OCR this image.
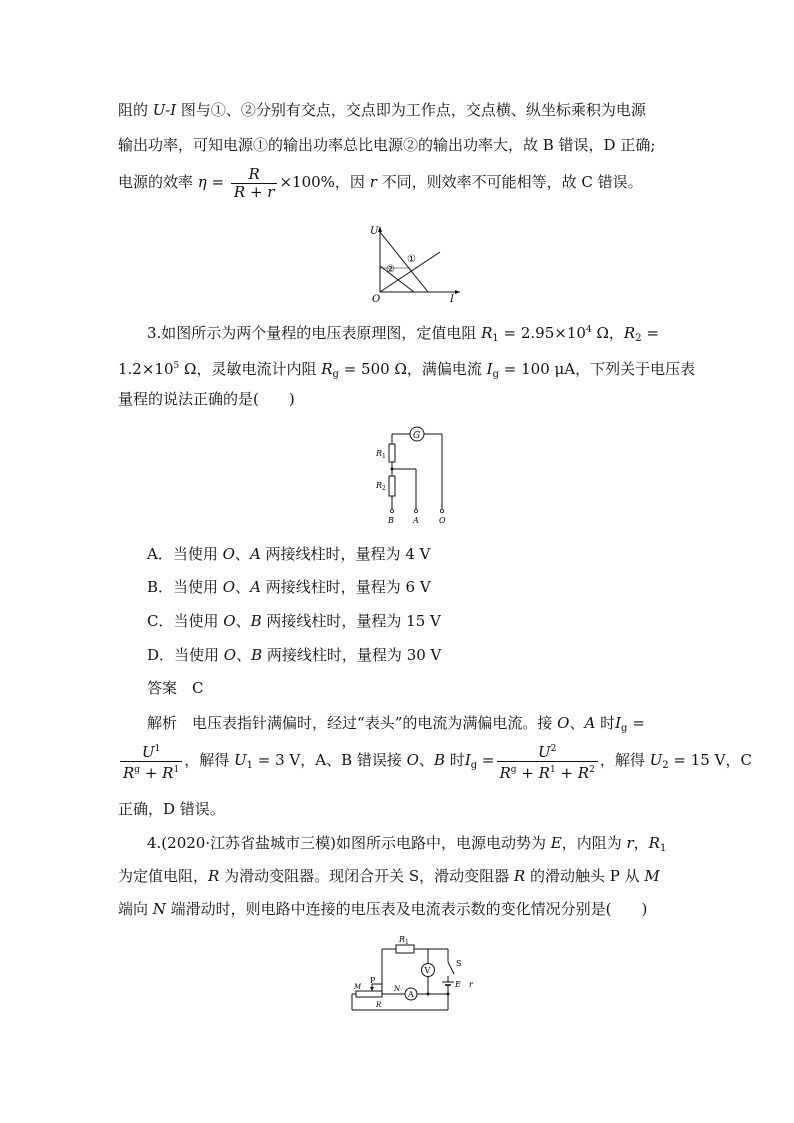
阻的 U-I 图与①、②分别有交点，交点即为工作点，交点横、纵坐标乘积为电源
输出功率，可知电源①的输出功率总比电源②的输出功率大，故 B 错误，D 正确;
电源的效率 $\eta = \frac{R}{R + r} \times 100\%$，因 r 不同，则效率不可能相等，故 C 错误。
U
I
O
①
②
3.如图所示为两个量程的电压表原理图，定值电阻 $R_1 = 2.95\times 10^4$ Ω，$R_2$ =
$1.2\times 10^5$ Ω，灵敏电流计内阻 $R_g = 500$ Ω，满偏电流 $I_g = 100$ μA，下列关于电压表
量程的说法正确的是(　　)
G
$R_1$
$R_2$
B A	O
A．当使用 O、A 两接线柱时，量程为 4 V
B．当使用 O、A 两接线柱时，量程为 6 V
C．当使用 O、B 两接线柱时，量程为 15 V
D．当使用 O、B 两接线柱时，量程为 30 V
答案　 C
解析　 电压表指针满偏时，经过“表头”的电流为满偏电流。接 O、A 时$I_g$ =
$\frac{U^1}{R^g + R^1}$ ，解得 $U_1 = 3$ V，A、B 错误接 O、B 时$I_g = \frac{U^2}{R^g + R^1 + R^2}$ ，解得 $U_2 = 15$ V，C
正确，D 错误。
4.(2020·江苏省盐城市三模)如图所示电路中，电源电动势为 E，内阻为 r，$R_1$
为定值电阻，R 为滑动变阻器。现闭合开关 S，滑动变阻器 R 的滑动触头 P 从 M
端向 N 端滑动时，则电路中连接的电压表及电流表示数的变化情况分别是(　　)
$R_1$
V
S
E r
A
P
M	N
R
